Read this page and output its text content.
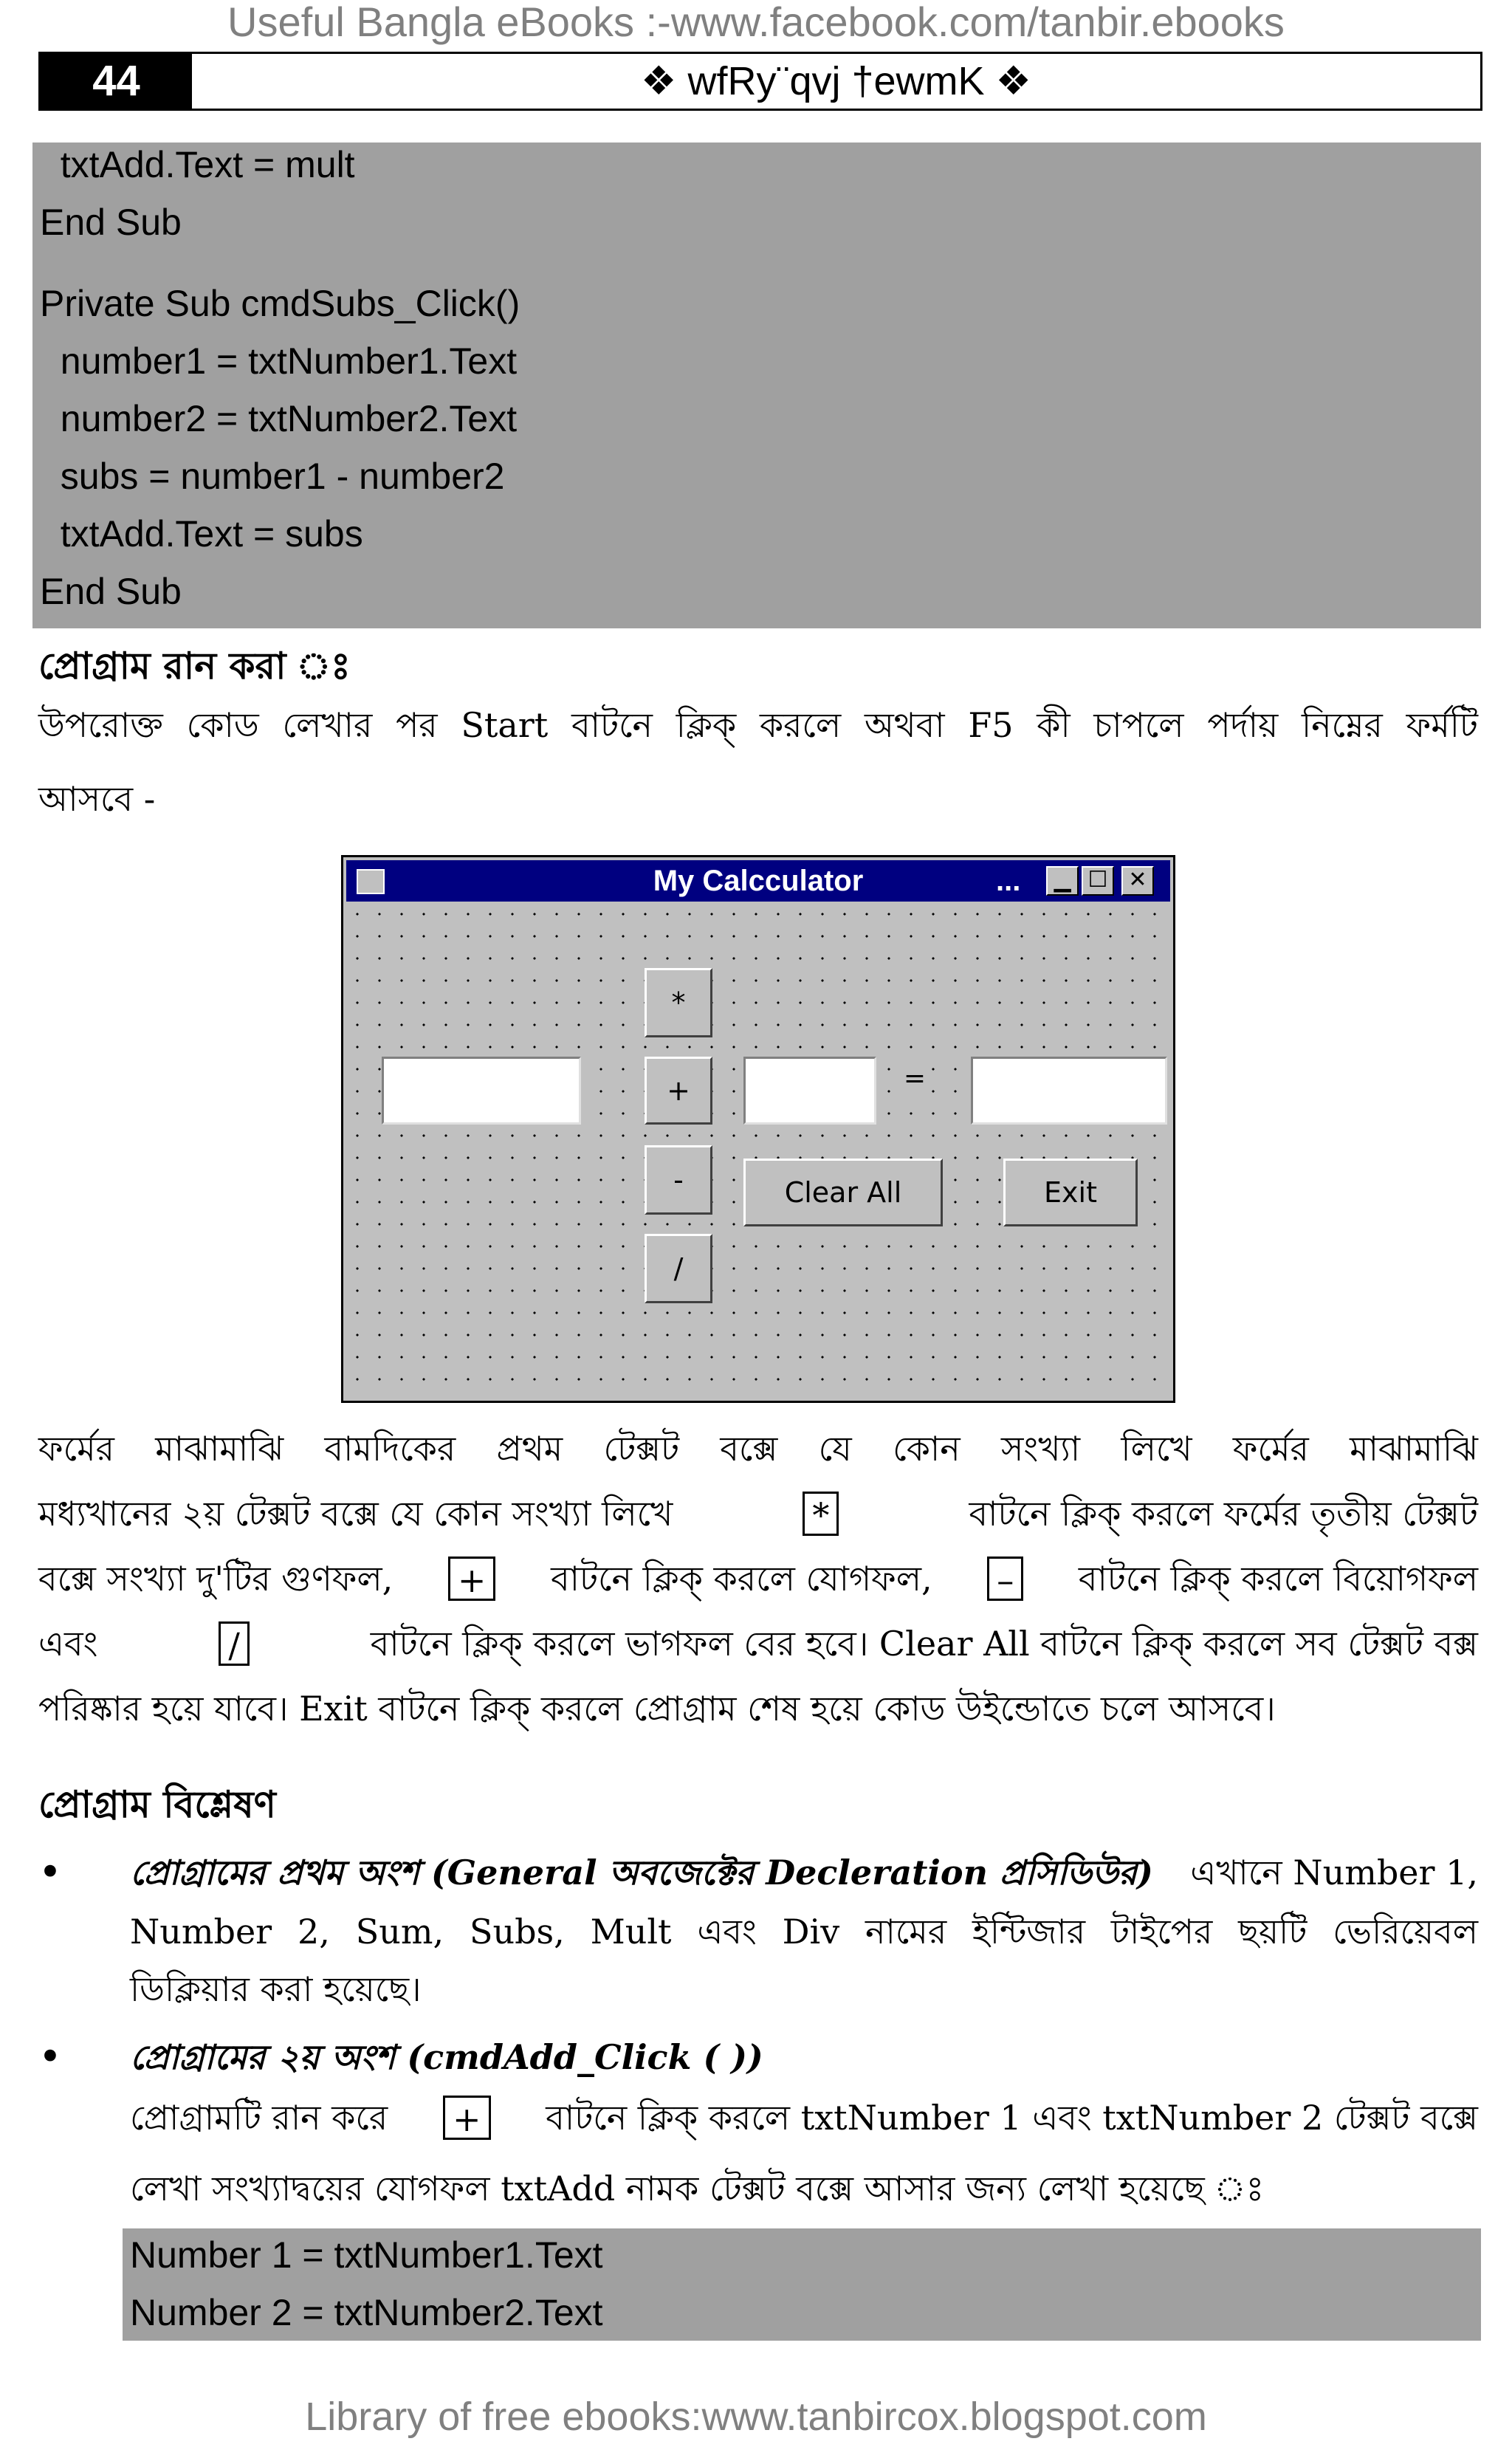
Useful Bangla eBooks :-www.facebook.com/tanbir.ebooks
44	❖ wfRy¨qvj †ewmK ❖
txtAdd.Text = mult
End Sub
Private Sub cmdSubs_Click()
number1 = txtNumber1.Text
number2 = txtNumber2.Text
subs = number1 - number2
txtAdd.Text = subs
End Sub
প্রোগ্রাম রান করা ঃ
উপরোক্ত কোড লেখার পর Start বাটনে ক্লিক্ করলে অথবা F5 কী চাপলে পর্দায় নিম্নের ফর্মটি
আসবে -
My Calcculator	...	▁ ☐ ✕
*
+	=
-	Clear All	Exit
/
ফর্মের মাঝামাঝি বামদিকের প্রথম টেক্সট বক্সে যে কোন সংখ্যা লিখে ফর্মের মাঝামাঝি
মধ্যখানের ২য় টেক্সট বক্সে যে কোন সংখ্যা লিখে	*	বাটনে ক্লিক্ করলে ফর্মের তৃতীয় টেক্সট
বক্সে সংখ্যা দু'টির গুণফল, + বাটনে ক্লিক্ করলে যোগফল, – বাটনে ক্লিক্ করলে বিয়োগফল
এবং	/	বাটনে ক্লিক্ করলে ভাগফল বের হবে। Clear All বাটনে ক্লিক্ করলে সব টেক্সট বক্স
পরিষ্কার হয়ে যাবে। Exit বাটনে ক্লিক্ করলে প্রোগ্রাম শেষ হয়ে কোড উইন্ডোতে চলে আসবে।
প্রোগ্রাম বিশ্লেষণ
• প্রোগ্রামের প্রথম অংশ (General অবজেক্টের Decleration প্রসিডিউর) এখানে Number 1,
Number 2, Sum, Subs, Mult এবং Div নামের ইন্টিজার টাইপের ছয়টি ভেরিয়েবল
ডিক্লিয়ার করা হয়েছে।
• প্রোগ্রামের ২য় অংশ (cmdAdd_Click ( ))
প্রোগ্রামটি রান করে + বাটনে ক্লিক্ করলে txtNumber 1 এবং txtNumber 2 টেক্সট বক্সে
লেখা সংখ্যাদ্বয়ের যোগফল txtAdd নামক টেক্সট বক্সে আসার জন্য লেখা হয়েছে ঃ
Number 1 = txtNumber1.Text
Number 2 = txtNumber2.Text
Library of free ebooks:www.tanbircox.blogspot.com
